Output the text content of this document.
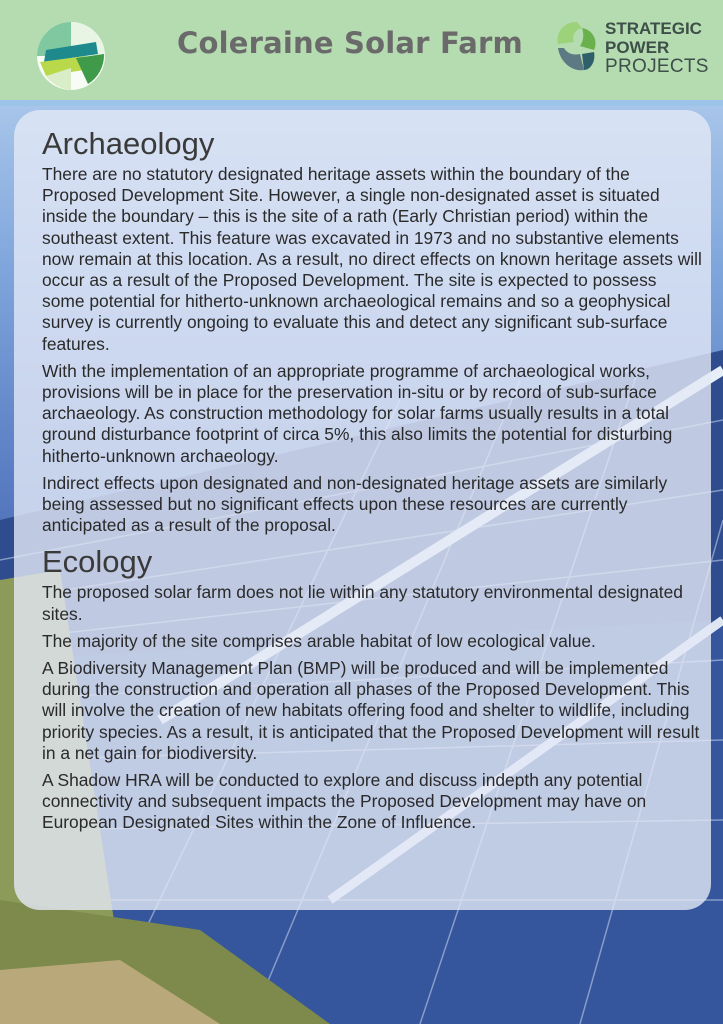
Coleraine Solar Farm	STRATEGIC
POWER
PROJECTS
Archaeology

There are no statutory designated heritage assets within the boundary of the Proposed Development Site. However, a single non-designated asset is situated inside the boundary – this is the site of a rath (Early Christian period) within the southeast extent. This feature was excavated in 1973 and no substantive elements now remain at this location. As a result, no direct effects on known heritage assets will occur as a result of the Proposed Development. The site is expected to possess some potential for hitherto-unknown archaeological remains and so a geophysical survey is currently ongoing to evaluate this and detect any significant sub-surface features.

With the implementation of an appropriate programme of archaeological works, provisions will be in place for the preservation in-situ or by record of sub-surface archaeology. As construction methodology for solar farms usually results in a total ground disturbance footprint of circa 5%, this also limits the potential for disturbing hitherto-unknown archaeology.

Indirect effects upon designated and non-designated heritage assets are similarly being assessed but no significant effects upon these resources are currently anticipated as a result of the proposal.

Ecology

The proposed solar farm does not lie within any statutory environmental designated sites.

The majority of the site comprises arable habitat of low ecological value.

A Biodiversity Management Plan (BMP) will be produced and will be implemented during the construction and operation all phases of the Proposed Development. This will involve the creation of new habitats offering food and shelter to wildlife, including priority species. As a result, it is anticipated that the Proposed Development will result in a net gain for biodiversity.

A Shadow HRA will be conducted to explore and discuss indepth any potential connectivity and subsequent impacts the Proposed Development may have on European Designated Sites within the Zone of Influence.
